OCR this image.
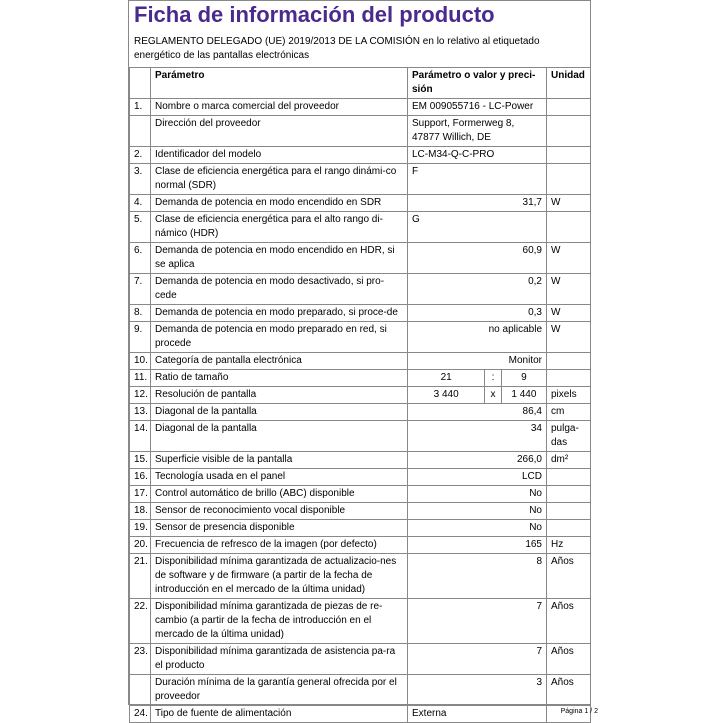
Ficha de información del producto
REGLAMENTO DELEGADO (UE) 2019/2013 DE LA COMISIÓN en lo relativo al etiquetado energético de las pantallas electrónicas
	Parámetro	Parámetro o valor y preci-sión	Unidad
1.	Nombre o marca comercial del proveedor	EM 009055716 - LC-Power	
	Dirección del proveedor	Support, Formerweg 8, 47877 Willich, DE	
2.	Identificador del modelo	LC-M34-Q-C-PRO	
3.	Clase de eficiencia energética para el rango dinámi-co normal (SDR)	F	
4.	Demanda de potencia en modo encendido en SDR	31,7	W
5.	Clase de eficiencia energética para el alto rango di-námico (HDR)	G	
6.	Demanda de potencia en modo encendido en HDR, si se aplica	60,9	W
7.	Demanda de potencia en modo desactivado, si pro-cede	0,2	W
8.	Demanda de potencia en modo preparado, si proce-de	0,3	W
9.	Demanda de potencia en modo preparado en red, si procede	no aplicable	W
10.	Categoría de pantalla electrónica	Monitor	
11.	Ratio de tamaño	21 : 9	

12.	Resolución de pantalla	3 440 x 1 440	pixels
13.	Diagonal de la pantalla	86,4	cm
14.	Diagonal de la pantalla	34	pulga-das
15.	Superficie visible de la pantalla	266,0	dm²
16.	Tecnología usada en el panel	LCD	
17.	Control automático de brillo (ABC) disponible	No	
18.	Sensor de reconocimiento vocal disponible	No	
19.	Sensor de presencia disponible	No	
20.	Frecuencia de refresco de la imagen (por defecto)	165	Hz
21.	Disponibilidad mínima garantizada de actualizacio-nes de software y de firmware (a partir de la fecha de introducción en el mercado de la última unidad)	8	Años
22.	Disponibilidad mínima garantizada de piezas de re-cambio (a partir de la fecha de introducción en el mercado de la última unidad)	7	Años
23.	Disponibilidad mínima garantizada de asistencia pa-ra el producto	7	Años
	Duración mínima de la garantía general ofrecida por el proveedor	3	Años
24.	Tipo de fuente de alimentación	Externa		Página 1 / 2
